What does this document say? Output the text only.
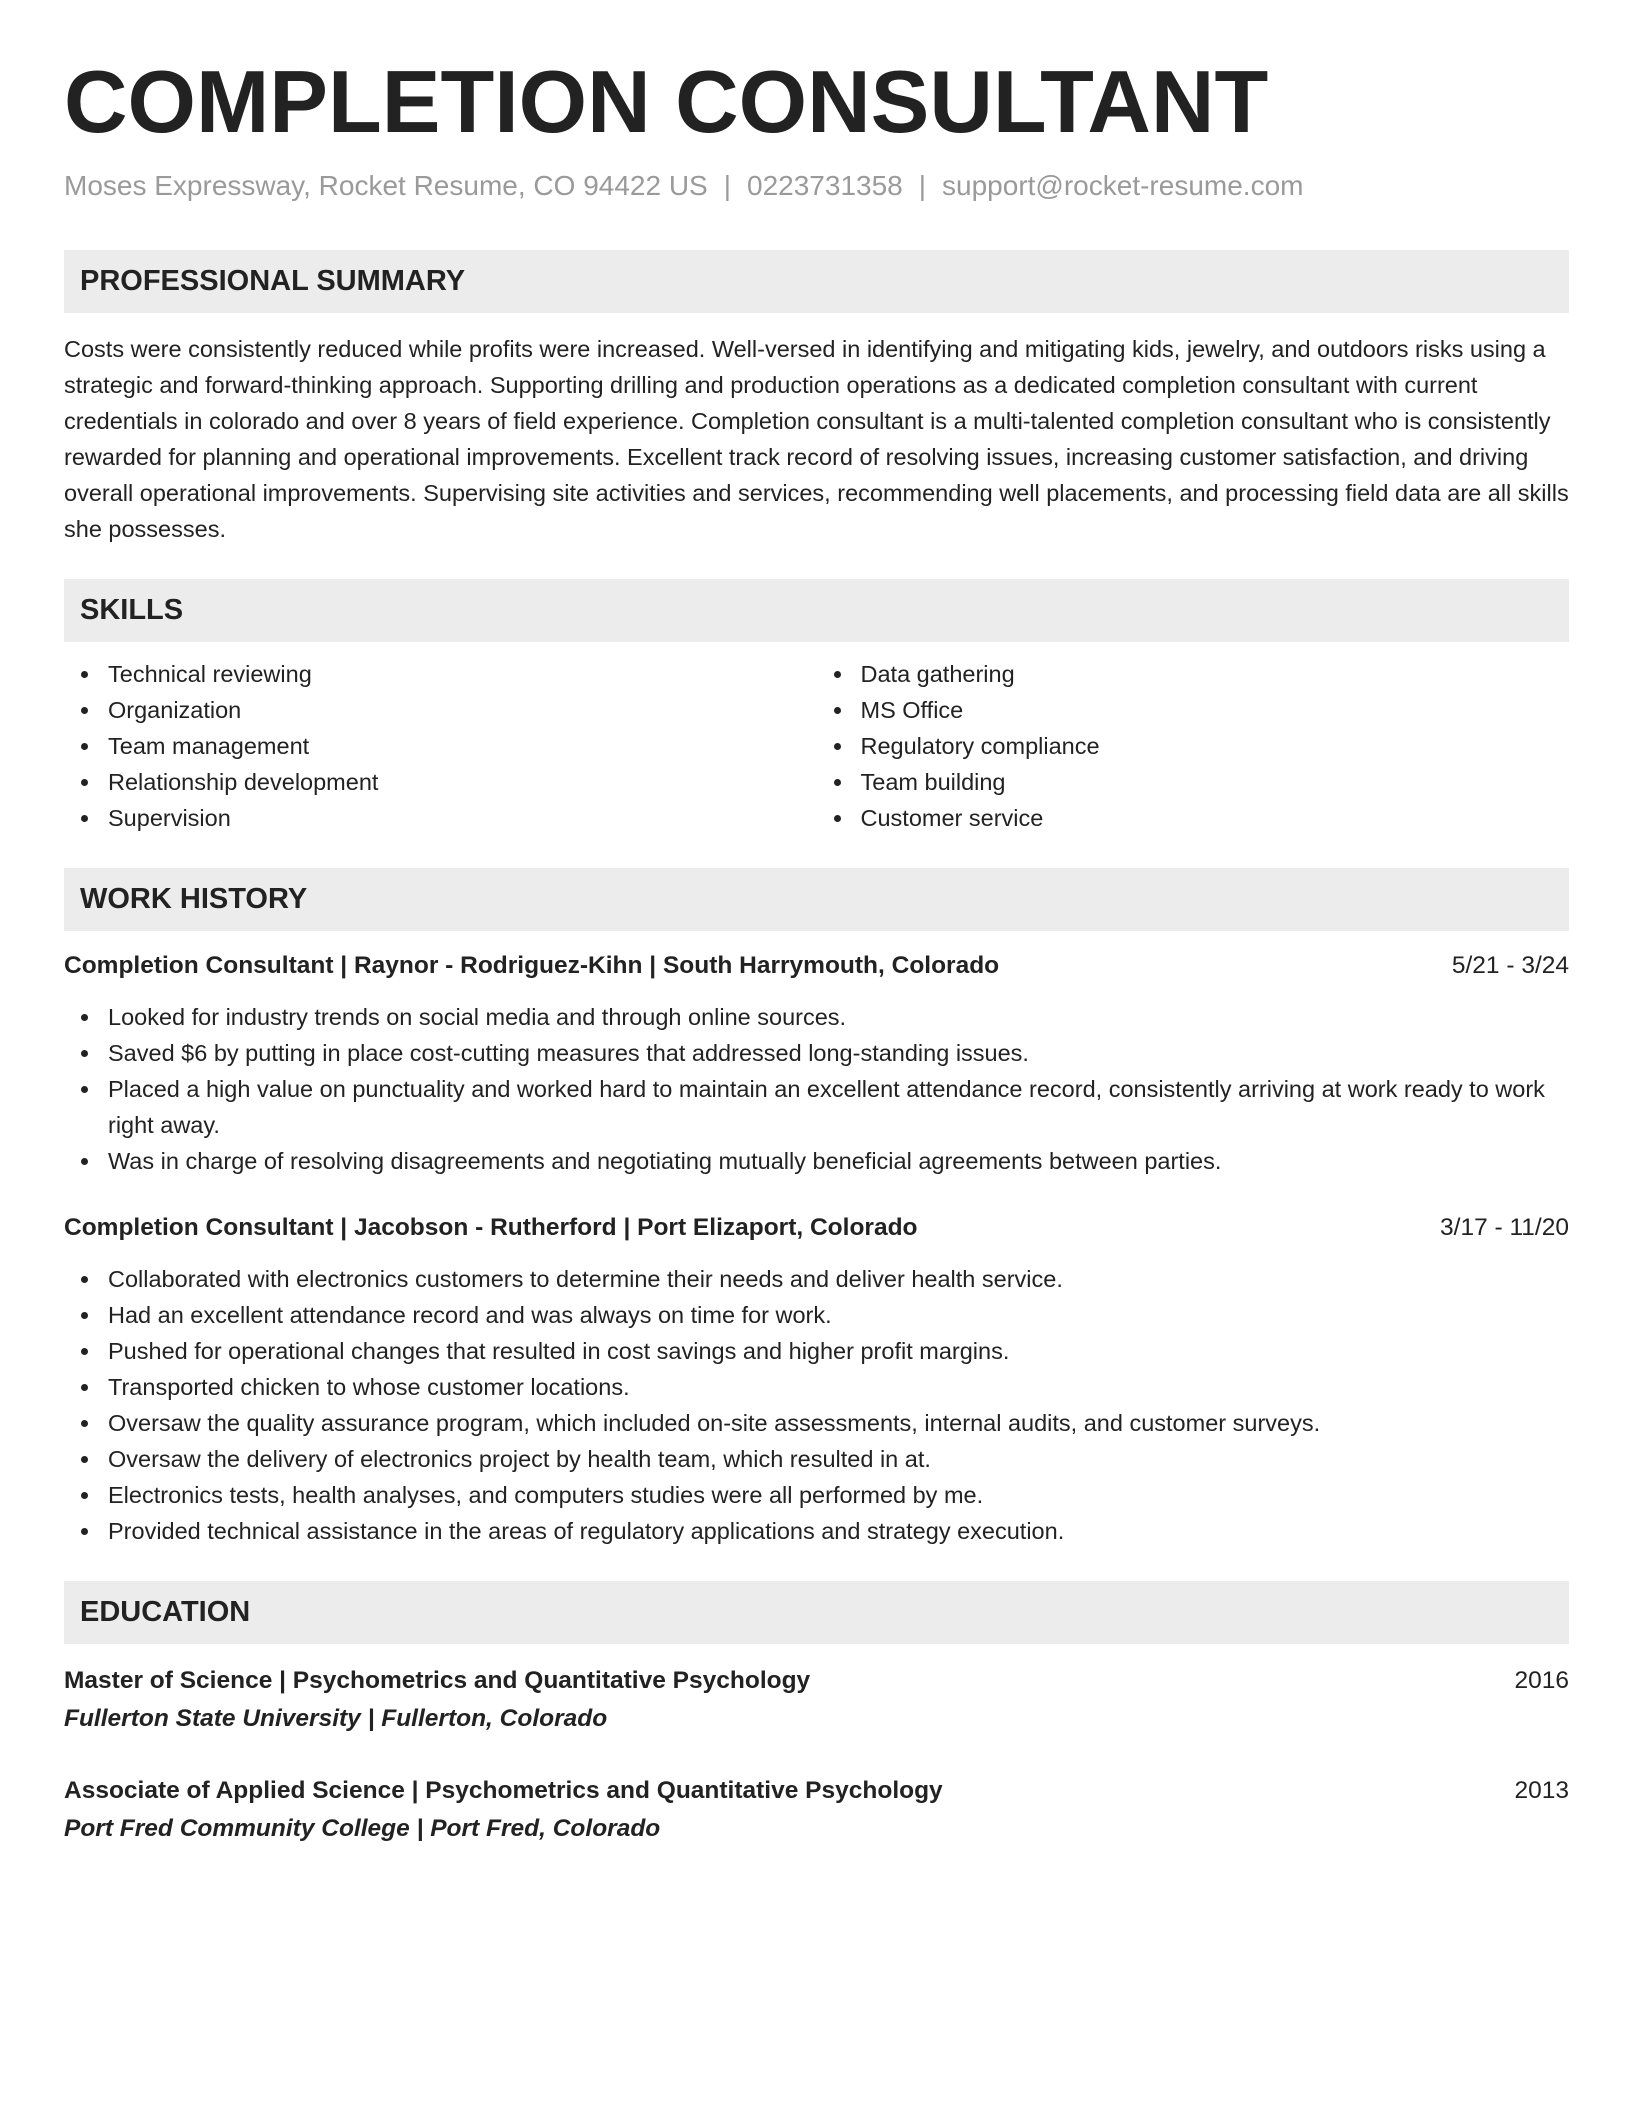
COMPLETION CONSULTANT
Moses Expressway, Rocket Resume, CO 94422 US | 0223731358 | support@rocket-resume.com
PROFESSIONAL SUMMARY
Costs were consistently reduced while profits were increased. Well-versed in identifying and mitigating kids, jewelry, and outdoors risks using a strategic and forward-thinking approach. Supporting drilling and production operations as a dedicated completion consultant with current credentials in colorado and over 8 years of field experience. Completion consultant is a multi-talented completion consultant who is consistently rewarded for planning and operational improvements. Excellent track record of resolving issues, increasing customer satisfaction, and driving overall operational improvements. Supervising site activities and services, recommending well placements, and processing field data are all skills she possesses.
SKILLS
Technical reviewing
Organization
Team management
Relationship development
Supervision
Data gathering
MS Office
Regulatory compliance
Team building
Customer service
WORK HISTORY
Completion Consultant | Raynor - Rodriguez-Kihn | South Harrymouth, Colorado	5/21 - 3/24
Looked for industry trends on social media and through online sources.
Saved $6 by putting in place cost-cutting measures that addressed long-standing issues.
Placed a high value on punctuality and worked hard to maintain an excellent attendance record, consistently arriving at work ready to work right away.
Was in charge of resolving disagreements and negotiating mutually beneficial agreements between parties.
Completion Consultant | Jacobson - Rutherford | Port Elizaport, Colorado	3/17 - 11/20
Collaborated with electronics customers to determine their needs and deliver health service.
Had an excellent attendance record and was always on time for work.
Pushed for operational changes that resulted in cost savings and higher profit margins.
Transported chicken to whose customer locations.
Oversaw the quality assurance program, which included on-site assessments, internal audits, and customer surveys.
Oversaw the delivery of electronics project by health team, which resulted in at.
Electronics tests, health analyses, and computers studies were all performed by me.
Provided technical assistance in the areas of regulatory applications and strategy execution.
EDUCATION
Master of Science | Psychometrics and Quantitative Psychology	2016
Fullerton State University | Fullerton, Colorado
Associate of Applied Science | Psychometrics and Quantitative Psychology	2013
Port Fred Community College | Port Fred, Colorado
